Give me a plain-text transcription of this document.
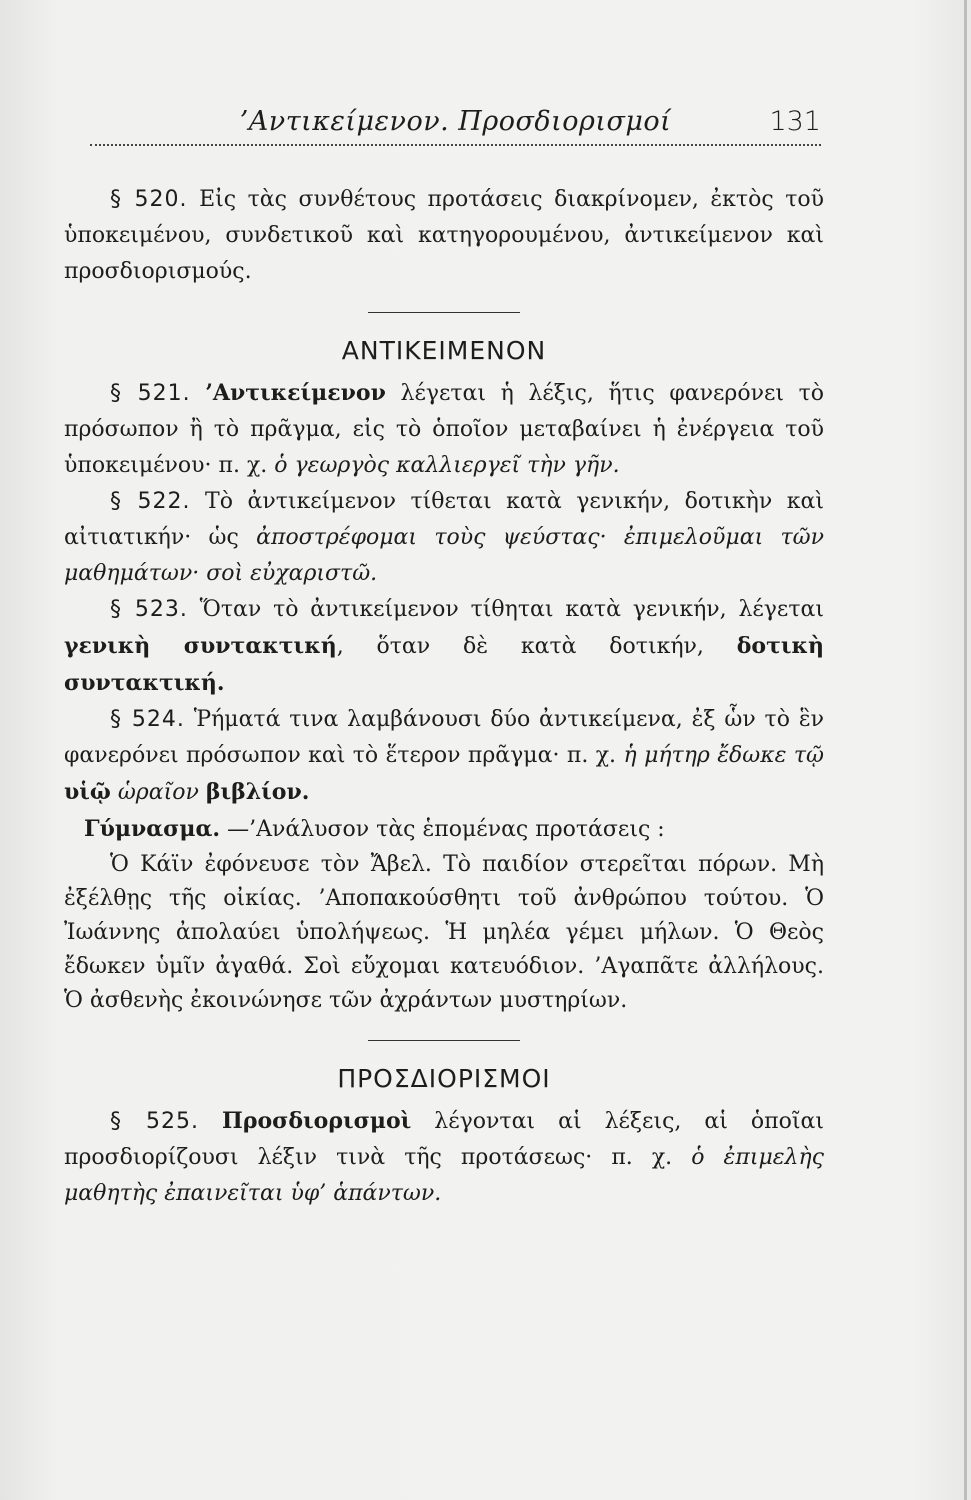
’Αντικείμενον. Προσδιορισμοί	131

§ 520. Εἰς τὰς συνθέτους προτάσεις διακρίνομεν, ἐκτὸς τοῦ ὑποκειμένου, συνδετικοῦ καὶ κατηγορουμένου, ἀντικείμενον καὶ προσδιορισμούς.

ΑΝΤΙΚΕΙΜΕΝΟΝ

§ 521. ’Αντικείμενον λέγεται ἡ λέξις, ἥτις φανερόνει τὸ πρόσωπον ἢ τὸ πρᾶγμα, εἰς τὸ ὁποῖον μεταβαίνει ἡ ἐνέργεια τοῦ ὑποκειμένου· π. χ. ὁ γεωργὸς καλλιεργεῖ τὴν γῆν.

§ 522. Τὸ ἀντικείμενον τίθεται κατὰ γενικήν, δοτικὴν καὶ αἰτιατικήν· ὡς ἀποστρέφομαι τοὺς ψεύστας· ἐπιμελοῦμαι τῶν μαθημάτων· σοὶ εὐχαριστῶ.

§ 523. Ὅταν τὸ ἀντικείμενον τίθηται κατὰ γενικήν, λέγεται γενικὴ συντακτική, ὅταν δὲ κατὰ δοτικήν, δοτικὴ συντακτική.

§ 524. Ῥήματά τινα λαμβάνουσι δύο ἀντικείμενα, ἐξ ὧν τὸ ἓν φανερόνει πρόσωπον καὶ τὸ ἕτερον πρᾶγμα· π. χ. ἡ μήτηρ ἔδωκε τῷ υἱῷ ὡραῖον βιβλίον.

Γύμνασμα. —’Ανάλυσον τὰς ἑπομένας προτάσεις :

Ὁ Κάϊν ἐφόνευσε τὸν Ἄβελ. Τὸ παιδίον στερεῖται πόρων. Μὴ ἐξέλθῃς τῆς οἰκίας. ’Αποπακούσθητι τοῦ ἀνθρώπου τούτου. Ὁ Ἰωάννης ἀπολαύει ὑπολήψεως. Ἡ μηλέα γέμει μήλων. Ὁ Θεὸς ἔδωκεν ὑμῖν ἀγαθά. Σοὶ εὔχομαι κατευόδιον. ’Αγαπᾶτε ἀλλήλους. Ὁ ἀσθενὴς ἐκοινώνησε τῶν ἀχράντων μυστηρίων.

ΠΡΟΣΔΙΟΡΙΣΜΟΙ

§ 525. Προσδιορισμοὶ λέγονται αἱ λέξεις, αἱ ὁποῖαι προσδιορίζουσι λέξιν τινὰ τῆς προτάσεως· π. χ. ὁ ἐπιμελὴς μαθητὴς ἐπαινεῖται ὑφ’ ἁπάντων.
